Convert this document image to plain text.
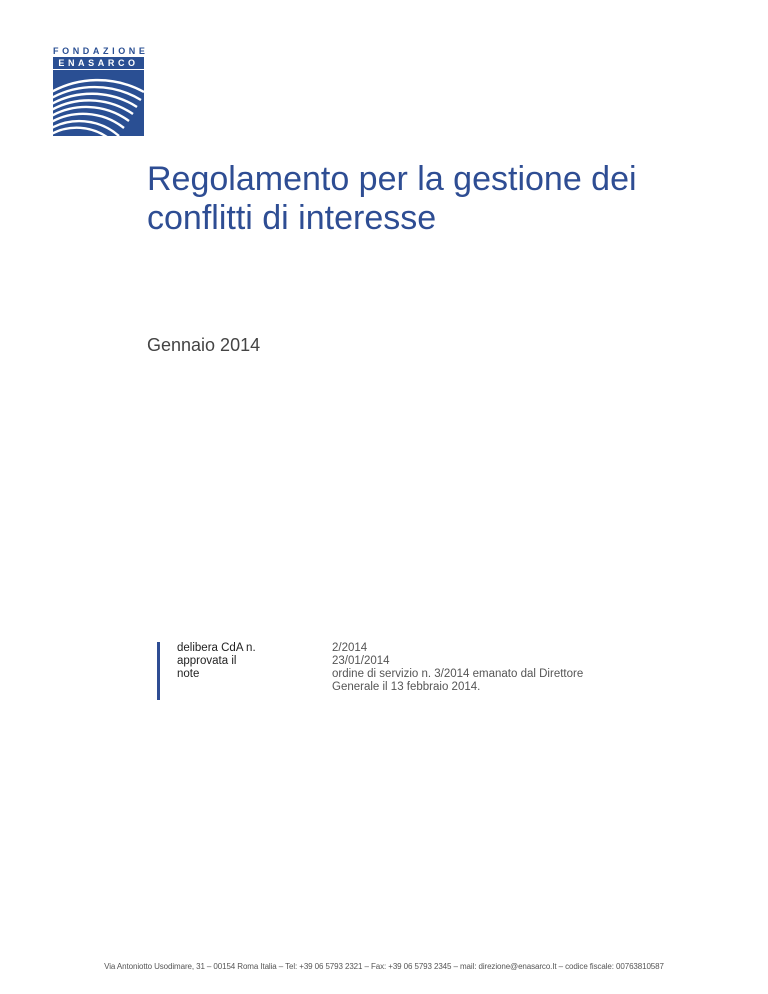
FONDAZIONE
ENASARCO
Regolamento per la gestione dei conflitti di interesse

Gennaio 2014

delibera CdA n.	2/2014
approvata il	23/01/2014
note	ordine di servizio n. 3/2014 emanato dal Direttore
Generale il 13 febbraio 2014.
Via Antoniotto Usodimare, 31 – 00154 Roma Italia – Tel: +39 06 5793 2321 – Fax: +39 06 5793 2345 – mail: direzione@enasarco.It – codice fiscale: 00763810587
